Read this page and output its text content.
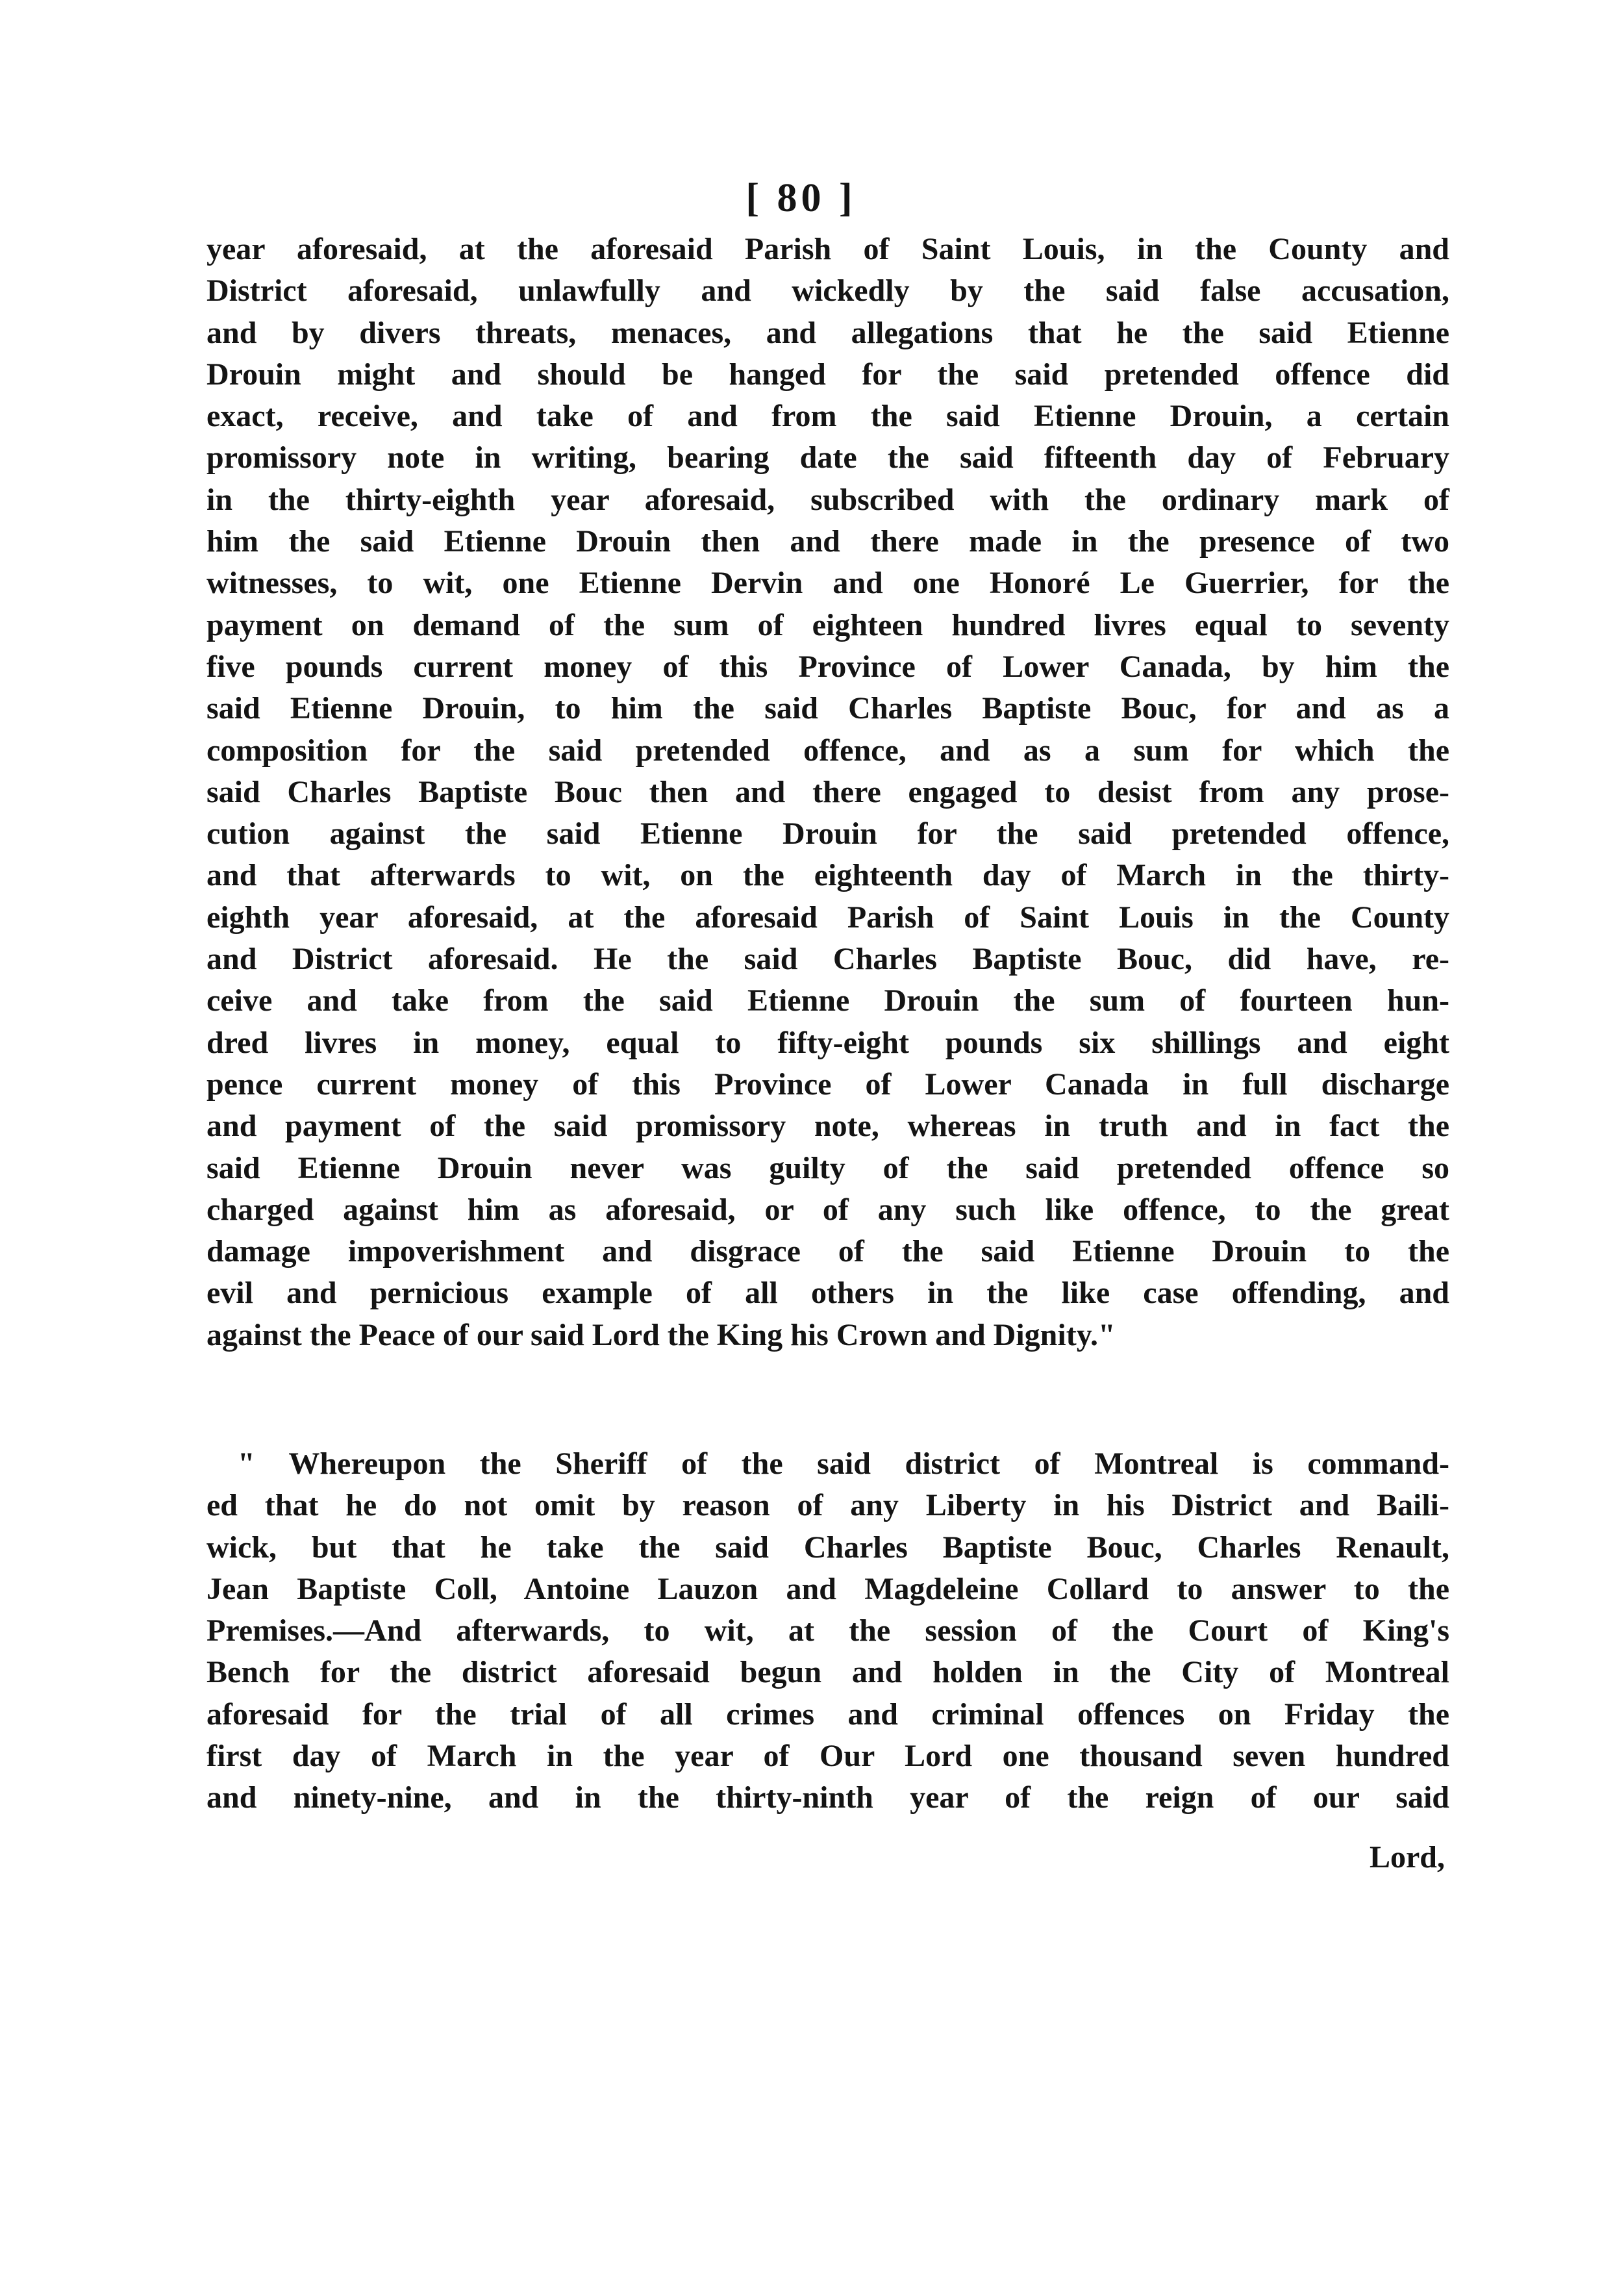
[ 80 ]
year aforesaid, at the aforesaid Parish of Saint Louis, in the County and
District aforesaid, unlawfully and wickedly by the said false accusation,
and by divers threats, menaces, and allegations that he the said Etienne
Drouin might and should be hanged for the said pretended offence did
exact, receive, and take of and from the said Etienne Drouin, a certain
promissory note in writing, bearing date the said fifteenth day of February
in the thirty-eighth year aforesaid, subscribed with the ordinary mark of
him the said Etienne Drouin then and there made in the presence of two
witnesses, to wit, one Etienne Dervin and one Honoré Le Guerrier, for the
payment on demand of the sum of eighteen hundred livres equal to seventy
five pounds current money of this Province of Lower Canada, by him the
said Etienne Drouin, to him the said Charles Baptiste Bouc, for and as a
composition for the said pretended offence, and as a sum for which the
said Charles Baptiste Bouc then and there engaged to desist from any prose-
cution against the said Etienne Drouin for the said pretended offence,
and that afterwards to wit, on the eighteenth day of March in the thirty-
eighth year aforesaid, at the aforesaid Parish of Saint Louis in the County
and District aforesaid. He the said Charles Baptiste Bouc, did have, re-
ceive and take from the said Etienne Drouin the sum of fourteen hun-
dred livres in money, equal to fifty-eight pounds six shillings and eight
pence current money of this Province of Lower Canada in full discharge
and payment of the said promissory note, whereas in truth and in fact the
said Etienne Drouin never was guilty of the said pretended offence so
charged against him as aforesaid, or of any such like offence, to the great
damage impoverishment and disgrace of the said Etienne Drouin to the
evil and pernicious example of all others in the like case offending, and
against the Peace of our said Lord the King his Crown and Dignity."
" Whereupon the Sheriff of the said district of Montreal is command-
ed that he do not omit by reason of any Liberty in his District and Baili-
wick, but that he take the said Charles Baptiste Bouc, Charles Renault,
Jean Baptiste Coll, Antoine Lauzon and Magdeleine Collard to answer to the
Premises.—And afterwards, to wit, at the session of the Court of King's
Bench for the district aforesaid begun and holden in the City of Montreal
aforesaid for the trial of all crimes and criminal offences on Friday the
first day of March in the year of Our Lord one thousand seven hundred
and ninety-nine, and in the thirty-ninth year of the reign of our said
Lord,
